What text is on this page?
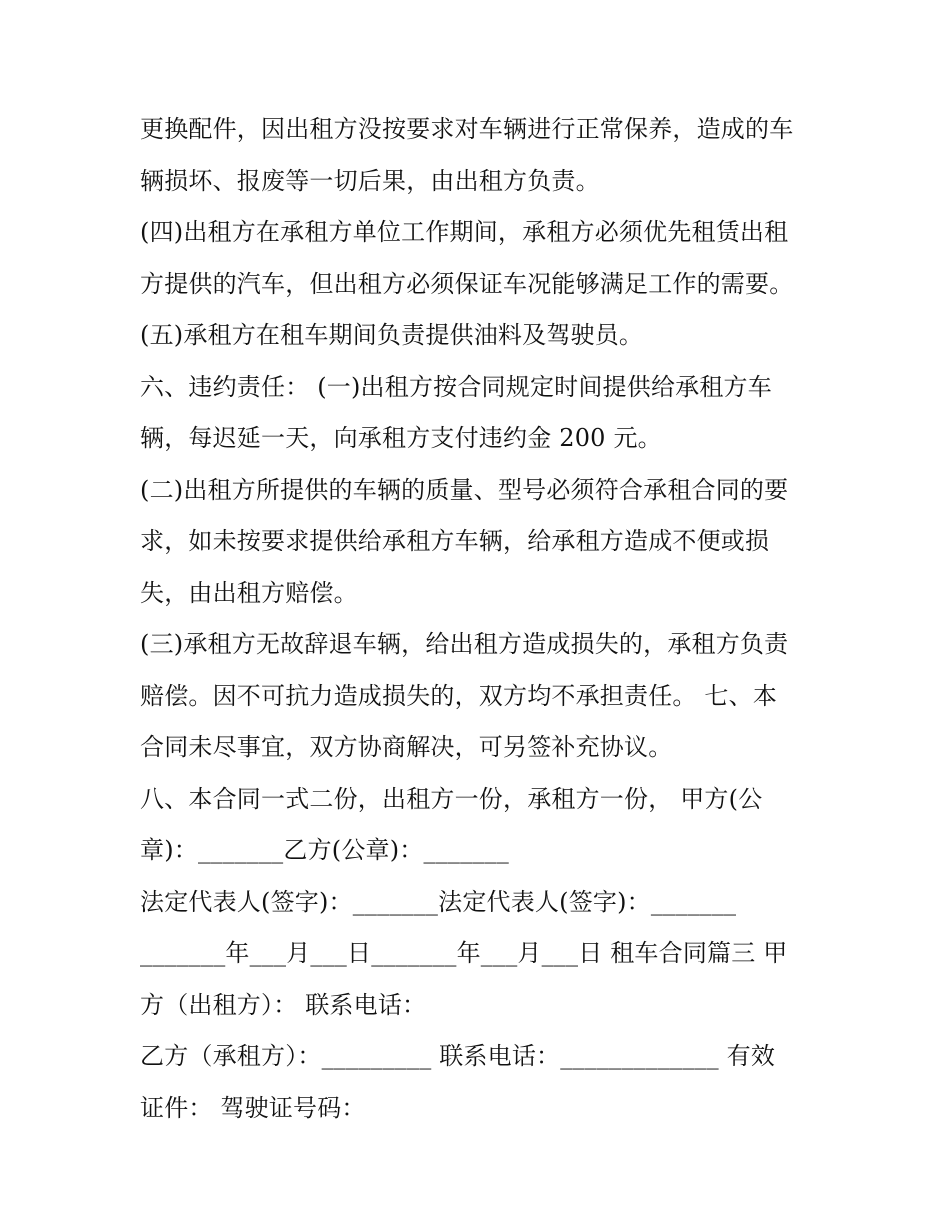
更换配件，因出租方没按要求对车辆进行正常保养，造成的车
辆损坏、报废等一切后果，由出租方负责。
(四)出租方在承租方单位工作期间，承租方必须优先租赁出租
方提供的汽车，但出租方必须保证车况能够满足工作的需要。
(五)承租方在租车期间负责提供油料及驾驶员。
六、违约责任： (一)出租方按合同规定时间提供给承租方车
辆，每迟延一天，向承租方支付违约金 200 元。
(二)出租方所提供的车辆的质量、型号必须符合承租合同的要
求，如未按要求提供给承租方车辆，给承租方造成不便或损
失，由出租方赔偿。
(三)承租方无故辞退车辆，给出租方造成损失的，承租方负责
赔偿。因不可抗力造成损失的，双方均不承担责任。 七、本
合同未尽事宜，双方协商解决，可另签补充协议。
八、本合同一式二份，出租方一份，承租方一份， 甲方(公
章)：_______乙方(公章)：_______
法定代表人(签字)：_______法定代表人(签字)：_______
_______年___月___日_______年___月___日 租车合同篇三 甲
方（出租方）： 联系电话：
乙方（承租方）：_________ 联系电话：_____________ 有效
证件： 驾驶证号码：
